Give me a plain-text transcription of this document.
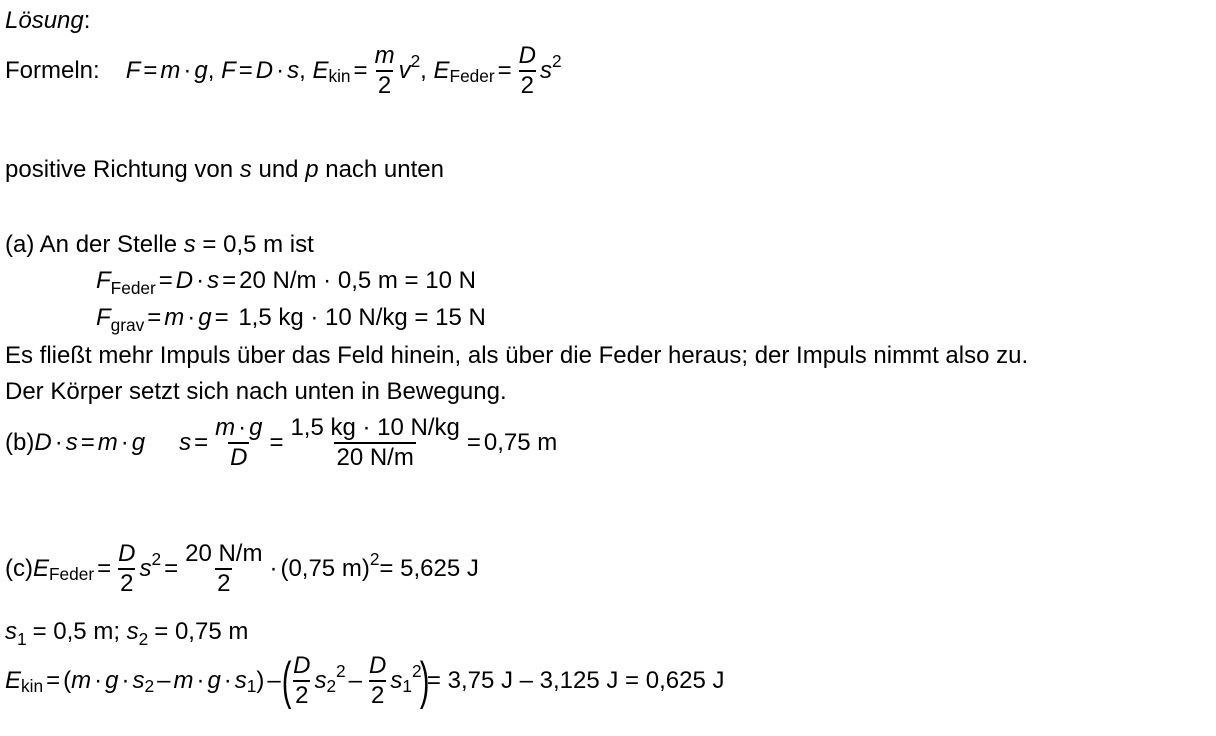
Lösung:
Formeln: F = m · g ,
F = D · s ,
E kin = $\frac{m}{2}$ v 2 ,
E Feder = $\frac{D}{2}$ s 2
positive Richtung von s und p nach unten
(a) An der Stelle s = 0,5 m ist
$F_{Feder} = D \cdot s = 20$ N/m · 0,5 m = 10 N
$F_{grav} = m \cdot g = 1,5$ kg · 10 N/kg = 15 N
Es fließt mehr Impuls über das Feld hinein, als über die Feder heraus; der Impuls nimmt also zu.
Der Körper setzt sich nach unten in Bewegung.
(b) D · s = m · g $s = \frac{m \cdot g}{D} = \frac{1,5 kg \cdot 10 N/kg}{20 N/m} = 0,75$ m
(c) E Feder = $\frac{D}{2}$ s $2 = \frac{20 N/m}{2} \cdot (0,75$ m) 2 = 5,625 J
$s_1 = 0,5$ m; $s_2 = 0,75$ m
E kin = ( m · g · s 2 – m · g · s 1 ) – ( $\frac{D}{2}$ s 2
$2 - \frac{D}{2}$ s 1
2
)
= 3,75 J – 3,125 J = 0,625 J
